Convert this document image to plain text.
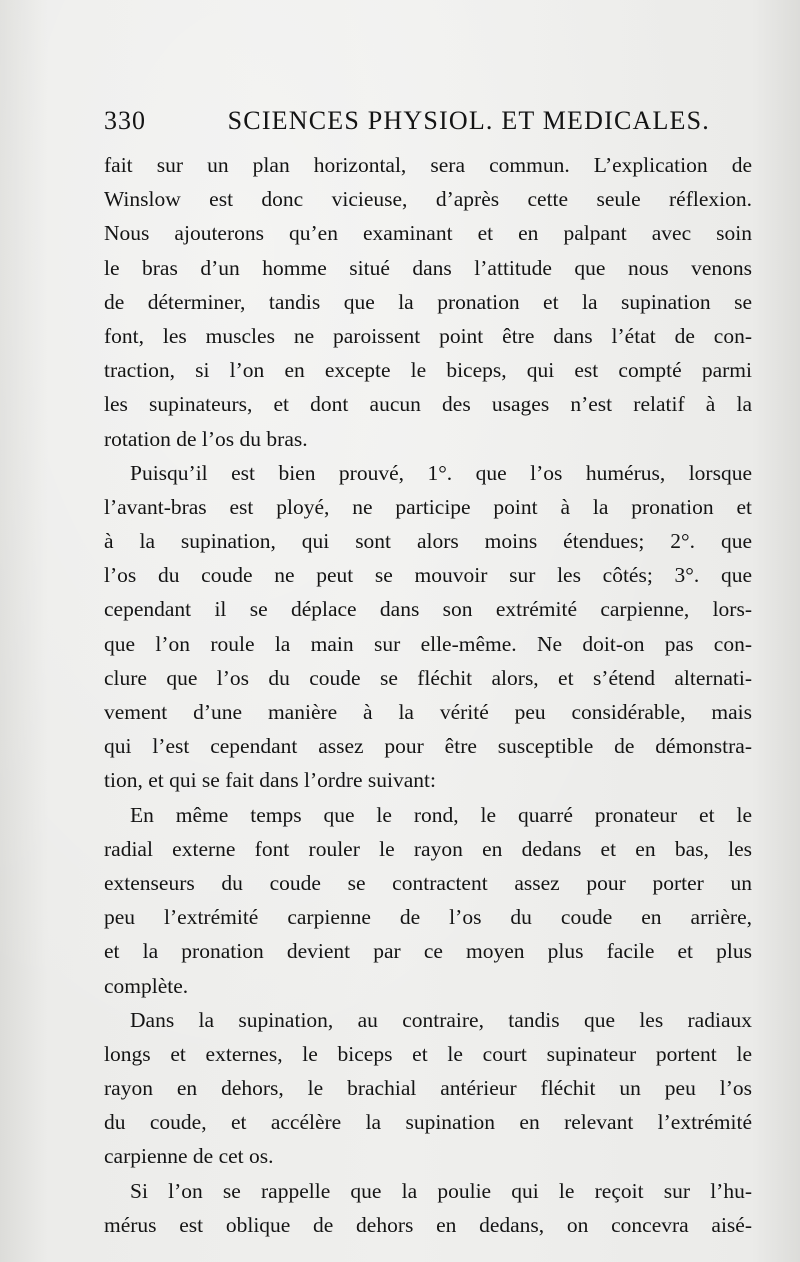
330	SCIENCES PHYSIOL. ET MEDICALES.
fait sur un plan horizontal, sera commun. L’explication de
Winslow est donc vicieuse, d’après cette seule réflexion.
Nous ajouterons qu’en examinant et en palpant avec soin
le bras d’un homme situé dans l’attitude que nous venons
de déterminer, tandis que la pronation et la supination se
font, les muscles ne paroissent point être dans l’état de con-
traction, si l’on en excepte le biceps, qui est compté parmi
les supinateurs, et dont aucun des usages n’est relatif à la
rotation de l’os du bras.
Puisqu’il est bien prouvé, 1°. que l’os humérus, lorsque
l’avant-bras est ployé, ne participe point à la pronation et
à la supination, qui sont alors moins étendues; 2°. que
l’os du coude ne peut se mouvoir sur les côtés; 3°. que
cependant il se déplace dans son extrémité carpienne, lors-
que l’on roule la main sur elle-même. Ne doit-on pas con-
clure que l’os du coude se fléchit alors, et s’étend alternati-
vement d’une manière à la vérité peu considérable, mais
qui l’est cependant assez pour être susceptible de démonstra-
tion, et qui se fait dans l’ordre suivant:
En même temps que le rond, le quarré pronateur et le
radial externe font rouler le rayon en dedans et en bas, les
extenseurs du coude se contractent assez pour porter un
peu l’extrémité carpienne de l’os du coude en arrière,
et la pronation devient par ce moyen plus facile et plus
complète.
Dans la supination, au contraire, tandis que les radiaux
longs et externes, le biceps et le court supinateur portent le
rayon en dehors, le brachial antérieur fléchit un peu l’os
du coude, et accélère la supination en relevant l’extrémité
carpienne de cet os.
Si l’on se rappelle que la poulie qui le reçoit sur l’hu-
mérus est oblique de dehors en dedans, on concevra aisé-
